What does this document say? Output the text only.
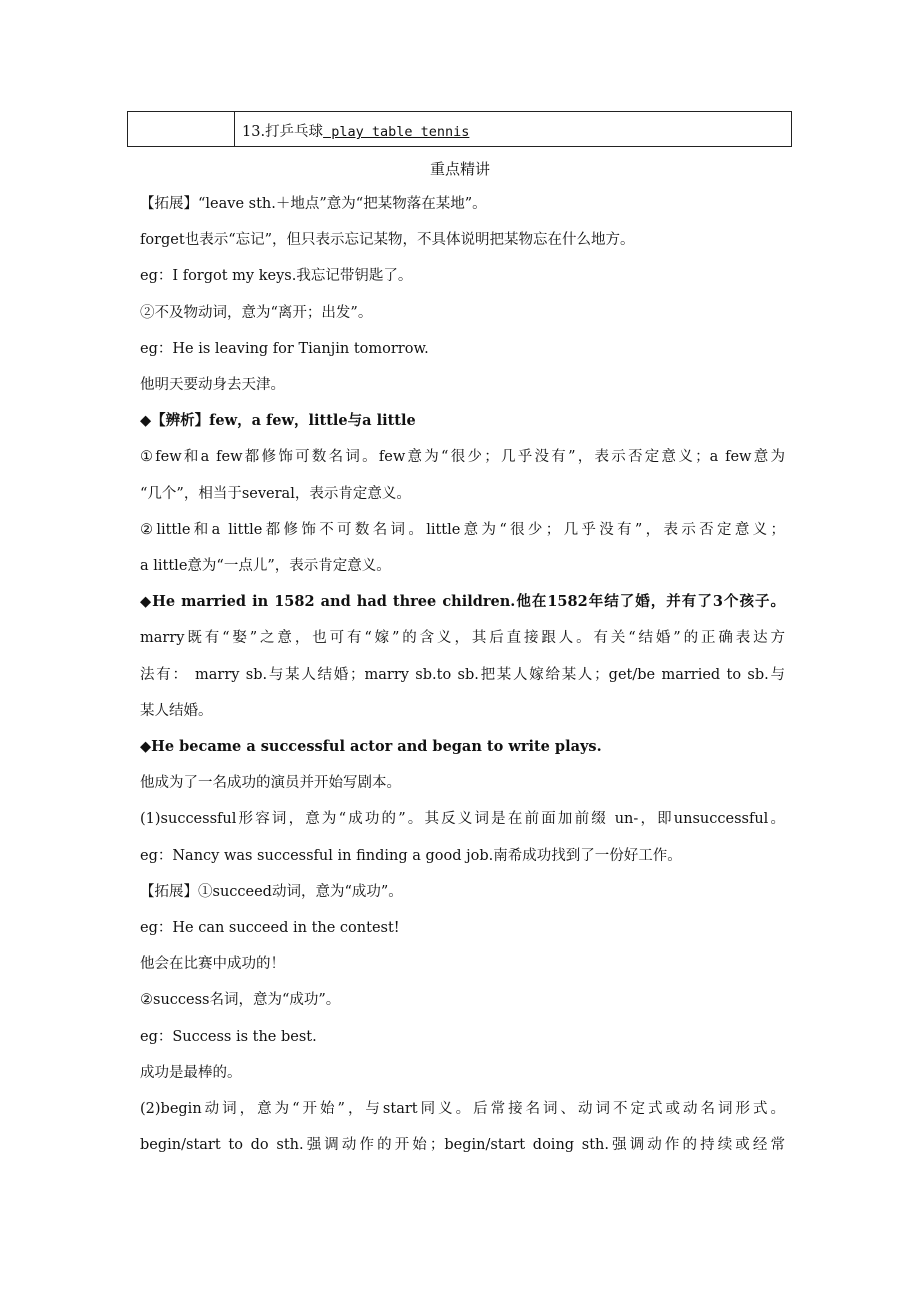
13.打乒乓球 play table tennis
重点精讲
【拓展】“leave sth.＋地点”意为“把某物落在某地”。
forget也表示“忘记”，但只表示忘记某物，不具体说明把某物忘在什么地方。
eg：I forgot my keys.我忘记带钥匙了。
②不及物动词，意为“离开；出发”。
eg：He is leaving for Tianjin tomorrow.
他明天要动身去天津。
◆【辨析】few，a few，little与a little
①few和a few都修饰可数名词。few意为“很少；几乎没有”，表示否定意义；a few意为
“几个”，相当于several，表示肯定意义。
②little和a little都修饰不可数名词。little意为“很少；几乎没有”，表示否定意义；
a little意为“一点儿”，表示肯定意义。
◆He married in 1582 and had three children.他在1582年结了婚，并有了3个孩子。
marry既有“娶”之意，也可有“嫁”的含义，其后直接跟人。有关“结婚”的正确表达方
法有： marry sb.与某人结婚；marry sb.to sb.把某人嫁给某人；get/be married to sb.与
某人结婚。
◆He became a successful actor and began to write plays.
他成为了一名成功的演员并开始写剧本。
(1)successful形容词，意为“成功的”。其反义词是在前面加前缀 un-，即unsuccessful。
eg：Nancy was successful in finding a good job.南希成功找到了一份好工作。
【拓展】①succeed动词，意为“成功”。
eg：He can succeed in the contest!
他会在比赛中成功的！
②success名词，意为“成功”。
eg：Success is the best.
成功是最棒的。
(2)begin动词，意为“开始”，与start同义。后常接名词、动词不定式或动名词形式。
begin/start to do sth.强调动作的开始；begin/start doing sth.强调动作的持续或经常
